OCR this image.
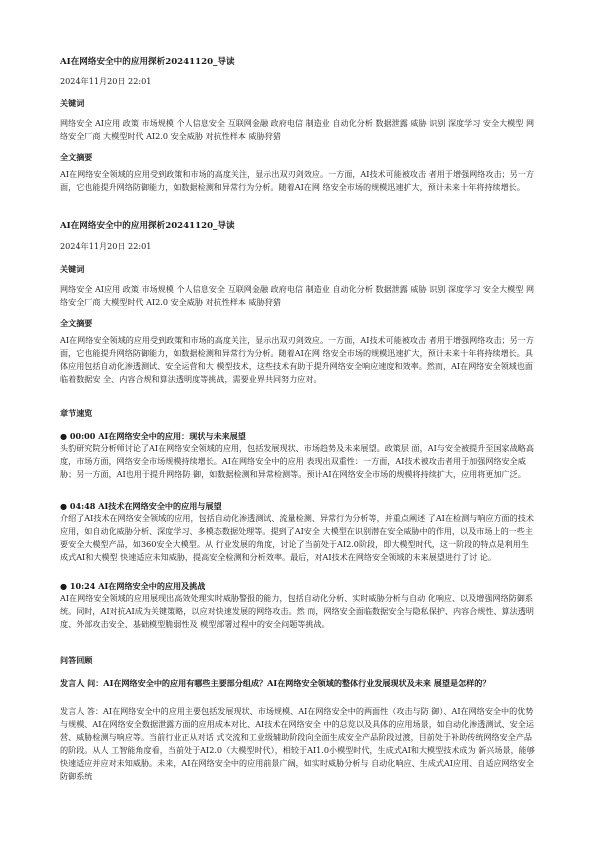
AI在网络安全中的应用探析20241120_导读

2024年11月20日 22:01

关键词

网络安全 AI应用 政策 市场规模 个人信息安全 互联网金融 政府电信 制造业 自动化分析 数据泄露 威胁 识别 深度学习 安全大模型 网络安全厂商 大模型时代 AI2.0 安全威胁 对抗性样本 威胁狩猎

全文摘要

AI在网络安全领域的应用受到政策和市场的高度关注，显示出双刃剑效应。一方面，AI技术可能被攻击 者用于增强网络攻击；另一方面，它也能提升网络防御能力，如数据检测和异常行为分析。随着AI在网 络安全市场的规模迅速扩大，预计未来十年将持续增长。

AI在网络安全中的应用探析20241120_导读

2024年11月20日 22:01

关键词

网络安全 AI应用 政策 市场规模 个人信息安全 互联网金融 政府电信 制造业 自动化分析 数据泄露 威胁 识别 深度学习 安全大模型 网络安全厂商 大模型时代 AI2.0 安全威胁 对抗性样本 威胁狩猎

全文摘要

AI在网络安全领域的应用受到政策和市场的高度关注，显示出双刃剑效应。一方面，AI技术可能被攻击 者用于增强网络攻击；另一方面，它也能提升网络防御能力，如数据检测和异常行为分析。随着AI在网 络安全市场的规模迅速扩大，预计未来十年将持续增长。具体应用包括自动化渗透测试、安全运营和大 模型技术，这些技术有助于提升网络安全响应速度和效率。然而，AI在网络安全领域也面临着数据安 全、内容合规和算法透明度等挑战，需要业界共同努力应对。

章节速览

● 00:00 AI在网络安全中的应用：现状与未来展望

头豹研究院分析师讨论了AI在网络安全领域的应用，包括发展现状、市场趋势及未来展望。政策层 面，AI与安全被提升至国家战略高度，市场方面，网络安全市场规模持续增长。AI在网络安全中的应用 表现出双重性：一方面，AI技术被攻击者用于加强网络安全威胁；另一方面，AI也用于提升网络防 御，如数据检测和异常检测等。预计AI在网络安全市场的规模将持续扩大，应用将更加广泛。

● 04:48 AI技术在网络安全中的应用与展望

介绍了AI技术在网络安全领域的应用，包括自动化渗透测试、流量检测、异常行为分析等，并重点阐述 了AI在检测与响应方面的技术应用，如自动化威胁分析、深度学习、多模态数据处理等。提到了AI安全 大模型在识别潜在安全威胁中的作用，以及市场上的一些主要安全大模型产品，如360安全大模型。从 行业发展的角度，讨论了当前处于AI2.0阶段，即大模型时代，这一阶段的特点是利用生成式AI和大模型 快速适应未知威胁，提高安全检测和分析效率。最后，对AI技术在网络安全领域的未来展望进行了讨 论。

● 10:24 AI在网络安全中的应用及挑战

AI在网络安全领域的应用展现出高效处理实时威胁警报的能力，包括自动化分析、实时威胁分析与自动 化响应、以及增强网络防御系统。同时，AI对抗AI成为关键策略，以应对快速发展的网络攻击。然 而，网络安全面临数据安全与隐私保护、内容合规性、算法透明度、外部攻击安全、基础模型脆弱性及 模型部署过程中的安全问题等挑战。

问答回顾

发言人 问：AI在网络安全中的应用有哪些主要部分组成？AI在网络安全领域的整体行业发展现状及未来 展望是怎样的？

发言人 答：AI在网络安全中的应用主要包括发展现状、市场规模、AI在网络安全中的两面性（攻击与防 御）、AI在网络安全中的优势与规模、AI在网络安全数据泄露方面的应用成本对比、AI技术在网络安全 中的总览以及具体的应用场景，如自动化渗透测试、安全运营、威胁检测与响应等。当前行业正从对话 式交流和工业级辅助阶段向全面生成安全产品阶段过渡，目前处于补助传统网络安全产品的阶段。从人 工智能角度看，当前处于AI2.0（大模型时代），相较于AI1.0小模型时代，生成式AI和大模型技术成为 新兴场景，能够快速适应并应对未知威胁。未来，AI在网络安全中的应用前景广阔，如实时威胁分析与 自动化响应、生成式AI应用、自适应网络安全防御系统
